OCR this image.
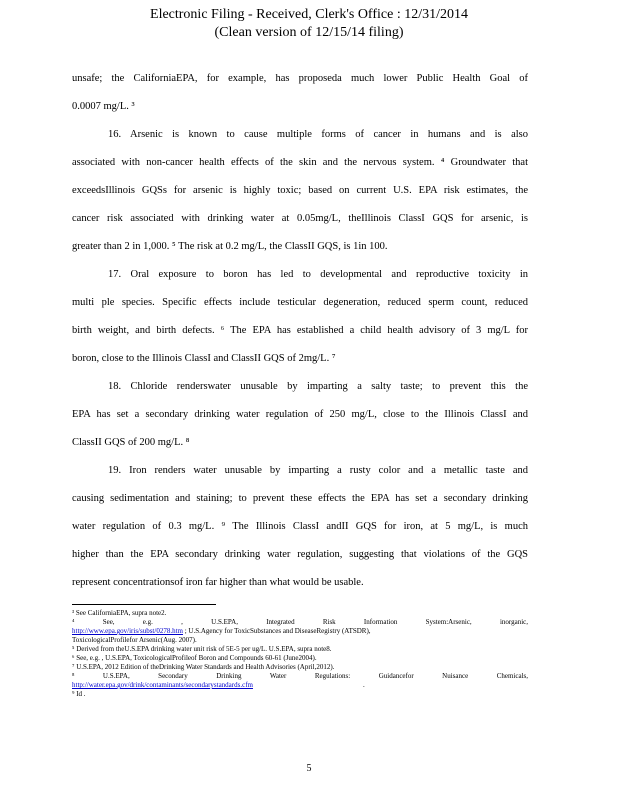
Electronic Filing - Received, Clerk's Office : 12/31/2014
(Clean version of 12/15/14 filing)
unsafe; the CaliforniaEPA, for example, has proposeda much lower Public Health Goal of
0.0007 mg/L. ³
16. Arsenic is known to cause multiple forms of cancer in humans and is also
associated with non-cancer health effects of the skin and the nervous system. ⁴ Groundwater that
exceedsIllinois GQSs for arsenic is highly toxic; based on current U.S. EPA risk estimates, the
cancer risk associated with drinking water at 0.05mg/L, theIllinois ClassI GQS for arsenic, is
greater than 2 in 1,000. ⁵ The risk at 0.2 mg/L, the ClassII GQS, is 1in 100.
17. Oral exposure to boron has led to developmental and reproductive toxicity in
multi ple species. Specific effects include testicular degeneration, reduced sperm count, reduced
birth weight, and birth defects. ⁶ The EPA has established a child health advisory of 3 mg/L for
boron, close to the Illinois ClassI and ClassII GQS of 2mg/L. ⁷
18. Chloride renderswater unusable by imparting a salty taste; to prevent this the
EPA has set a secondary drinking water regulation of 250 mg/L, close to the Illinois ClassI and
ClassII GQS of 200 mg/L. ⁸
19. Iron renders water unusable by imparting a rusty color and a metallic taste and
causing sedimentation and staining; to prevent these effects the EPA has set a secondary drinking
water regulation of 0.3 mg/L. ⁹ The Illinois ClassI andII GQS for iron, at 5 mg/L, is much
higher than the EPA secondary drinking water regulation, suggesting that violations of the GQS
represent concentrationsof iron far higher than what would be usable.
³ See CaliforniaEPA, supra note2.
⁴ See, e.g. , U.S.EPA, Integrated Risk Information System:Arsenic, inorganic,
http://www.epa.gov/iris/subst/0278.htm ; U.S.Agency for ToxicSubstances and DiseaseRegistry (ATSDR),
ToxicologicalProfilefor Arsenic(Aug. 2007).
⁵ Derived from theU.S.EPA drinking water unit risk of 5E-5 per ug/L. U.S.EPA, supra note8.
⁶ See, e.g. , U.S.EPA, ToxicologicalProfileof Boron and Compounds 60-61 (June2004).
⁷ U.S.EPA, 2012 Edition of theDrinking Water Standards and Health Advisories (April,2012).
⁸ U.S.EPA, Secondary Drinking Water Regulations: Guidancefor Nuisance Chemicals,
http://water.epa.gov/drink/contaminants/secondarystandards.cfm	.
⁹ Id .
5
